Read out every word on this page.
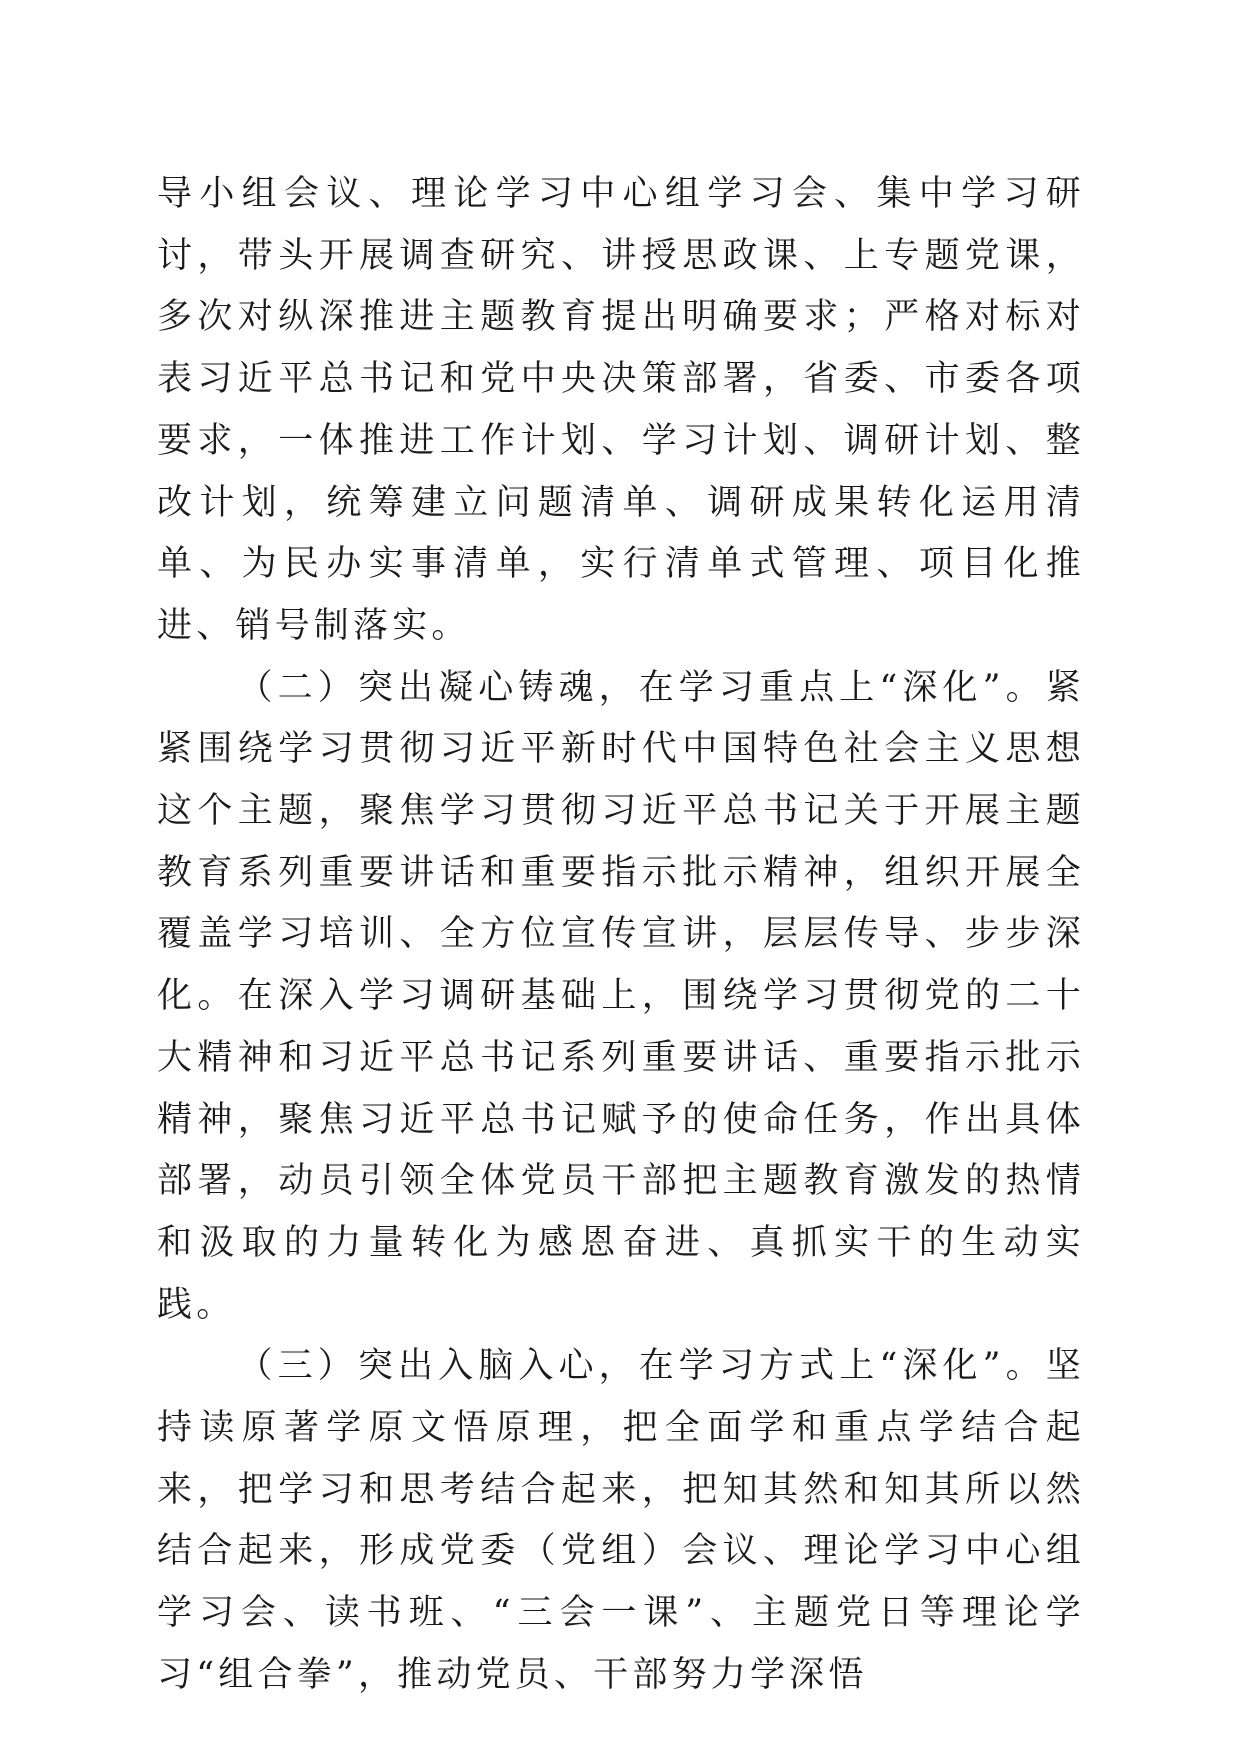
导小组会议、理论学习中心组学习会、集中学习研讨，带头开展调查研究、讲授思政课、上专题党课，多次对纵深推进主题教育提出明确要求；严格对标对表习近平总书记和党中央决策部署，省委、市委各项要求，一体推进工作计划、学习计划、调研计划、整改计划，统筹建立问题清单、调研成果转化运用清单、为民办实事清单，实行清单式管理、项目化推进、销号制落实。

（二）突出凝心铸魂，在学习重点上“深化”。紧紧围绕学习贯彻习近平新时代中国特色社会主义思想这个主题，聚焦学习贯彻习近平总书记关于开展主题教育系列重要讲话和重要指示批示精神，组织开展全覆盖学习培训、全方位宣传宣讲，层层传导、步步深化。在深入学习调研基础上，围绕学习贯彻党的二十大精神和习近平总书记系列重要讲话、重要指示批示精神，聚焦习近平总书记赋予的使命任务，作出具体部署，动员引领全体党员干部把主题教育激发的热情和汲取的力量转化为感恩奋进、真抓实干的生动实践。

（三）突出入脑入心，在学习方式上“深化”。坚持读原著学原文悟原理，把全面学和重点学结合起来，把学习和思考结合起来，把知其然和知其所以然结合起来，形成党委（党组）会议、理论学习中心组学习会、读书班、“三会一课”、主题党日等理论学习“组合拳”，推动党员、干部努力学深悟
